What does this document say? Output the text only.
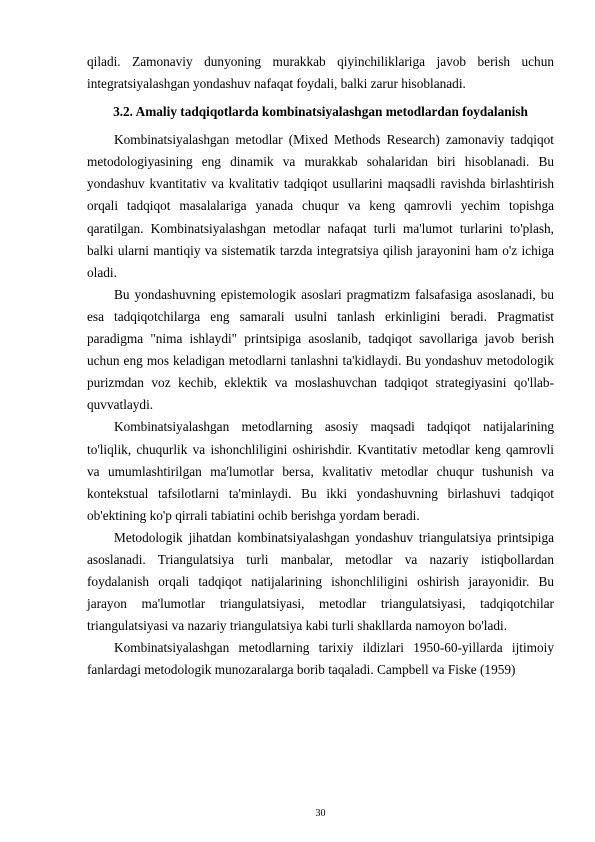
qiladi. Zamonaviy dunyoning murakkab qiyinchiliklariga javob berish uchun integratsiyalashgan yondashuv nafaqat foydali, balki zarur hisoblanadi.

3.2. Amaliy tadqiqotlarda kombinatsiyalashgan metodlardan foydalanish

Kombinatsiyalashgan metodlar (Mixed Methods Research) zamonaviy tadqiqot metodologiyasining eng dinamik va murakkab sohalaridan biri hisoblanadi. Bu yondashuv kvantitativ va kvalitativ tadqiqot usullarini maqsadli ravishda birlashtirish orqali tadqiqot masalalariga yanada chuqur va keng qamrovli yechim topishga qaratilgan. Kombinatsiyalashgan metodlar nafaqat turli ma'lumot turlarini to'plash, balki ularni mantiqiy va sistematik tarzda integratsiya qilish jarayonini ham o'z ichiga oladi.

Bu yondashuvning epistemologik asoslari pragmatizm falsafasiga asoslanadi, bu esa tadqiqotchilarga eng samarali usulni tanlash erkinligini beradi. Pragmatist paradigma "nima ishlaydi" printsipiga asoslanib, tadqiqot savollariga javob berish uchun eng mos keladigan metodlarni tanlashni ta'kidlaydi. Bu yondashuv metodologik purizmdan voz kechib, eklektik va moslashuvchan tadqiqot strategiyasini qo'llab-quvvatlaydi.

Kombinatsiyalashgan metodlarning asosiy maqsadi tadqiqot natijalarining to'liqlik, chuqurlik va ishonchliligini oshirishdir. Kvantitativ metodlar keng qamrovli va umumlashtirilgan ma'lumotlar bersa, kvalitativ metodlar chuqur tushunish va kontekstual tafsilotlarni ta'minlaydi. Bu ikki yondashuvning birlashuvi tadqiqot ob'ektining ko'p qirrali tabiatini ochib berishga yordam beradi.

Metodologik jihatdan kombinatsiyalashgan yondashuv triangulatsiya printsipiga asoslanadi. Triangulatsiya turli manbalar, metodlar va nazariy istiqbollardan foydalanish orqali tadqiqot natijalarining ishonchliligini oshirish jarayonidir. Bu jarayon ma'lumotlar triangulatsiyasi, metodlar triangulatsiyasi, tadqiqotchilar triangulatsiyasi va nazariy triangulatsiya kabi turli shakllarda namoyon bo'ladi.

Kombinatsiyalashgan metodlarning tarixiy ildizlari 1950-60-yillarda ijtimoiy fanlardagi metodologik munozaralarga borib taqaladi. Campbell va Fiske (1959)

30
